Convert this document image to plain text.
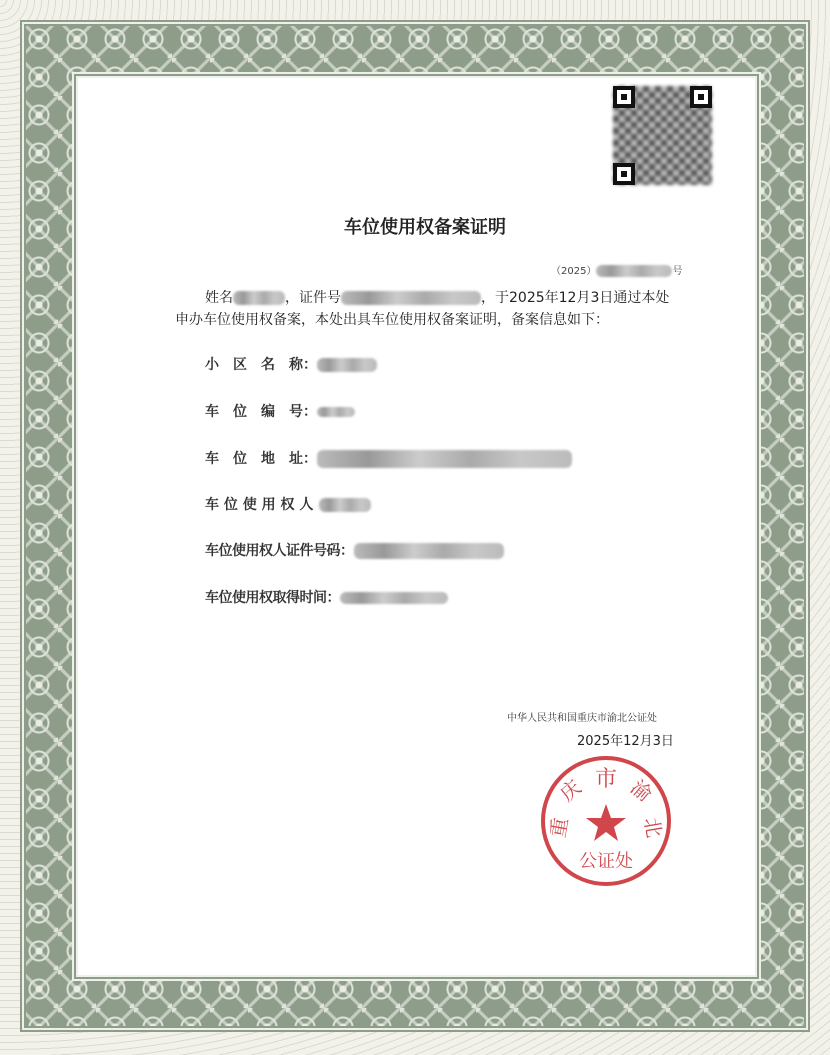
车位使用权备案证明
（2025）	号
姓名	，证件号	，于2025年12月3日通过本处
申办车位使用权备案，本处出具车位使用权备案证明，备案信息如下：
小　区　名　称：
车　位　编　号：
车　位　地　址：
车 位 使 用 权 人
车位使用权人证件号码：
车位使用权取得时间：
中华人民共和国重庆市渝北公证处
2025年12月3日
市
庆 渝
重	北
公证处
